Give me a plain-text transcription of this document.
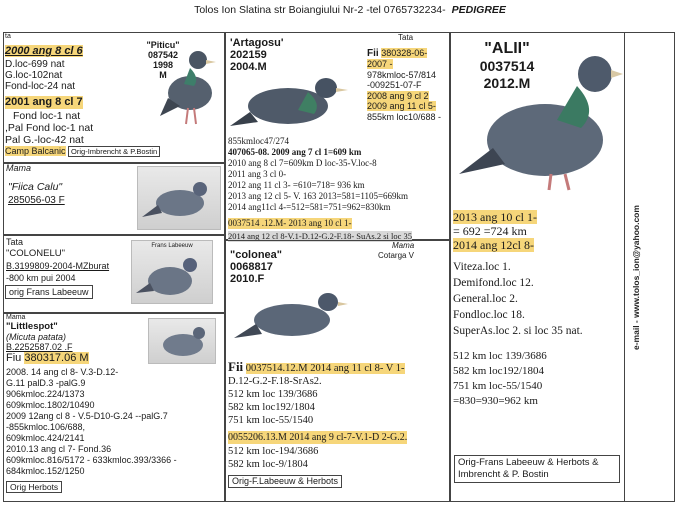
Tolos Ion Slatina str Boiangiului Nr-2 -tel 0765732234- PEDIGREE
ta
2000 ang 8 cl 6
D.loc-699 nat
G.loc-102nat
Fond-loc-24 nat
2001 ang 8 cl 7
Fond loc-1 nat
,Pal Fond loc-1 nat
Pal G.-loc-42 nat
Camp Balcanic Orig-Imbrencht & P.Bostin
"Piticu"
087542
1998
M
Mama
"Fiica Calu"
285056-03 F
Tata
"COLONELU"
B.3199809-2004-MZburat
-800 km pui 2004
orig Frans Labeeuw
Frans Labeeuw
Mama
"Littlespot"
(Micuta patata)
B.2252587.02 .F
Fiu 380317.06 M
2008. 14 ang cl 8- V.3-D.12-
G.11 palD.3 -palG.9
906kmloc.224/1373
609kmloc.1802/10490
2009 12ang cl 8 - V.5-D10-G.24 --palG.7
-855kmloc.106/688,
609kmloc.424/2141
2010.13 ang cl 7- Fond.36
609kmloc.816/5172 - 633kmloc.393/3366 -
684kmloc.152/1250
Orig Herbots
Tata
'Artagosu'
202159
2004.M
Fii 380328-06-
2007 -
978kmloc-57/814
-009251-07-F
2008 ang 9 cl 2
2009 ang 11 cl 5-
855km loc10/688 -
855kmloc47/274
407065-08. 2009 ang 7 cl 1=609 km
2010 ang 8 cl 7=609km D loc-35-V.loc-8
2011 ang 3 cl 0-
2012 ang 11 cl 3- =610=718= 936 km
2013 ang 12 cl 5- V. 163 2013=581=1105=669km
2014 ang11cl 4-=512=581=751=962=830km
0037514 .12.M- 2013 ang 10 cl 1-
2014 ang 12 cl 8-V.1-D.12-G.2-F.18- SuAs.2 si loc 35
Mama
Cotarga V
"colonea"
0068817
2010.F
Fii 0037514.12.M 2014 ang 11 cl 8- V 1-
D.12-G.2-F.18-SrAs2.
512 km loc 139/3686
582 km loc192/1804
751 km loc-55/1540
0055206.13.M 2014 ang 9 cl-7-V.1-D 2-G.2.
512 km loc-194/3686
582 km loc-9/1804
Orig-F.Labeeuw & Herbots
"ALII"
0037514
2012.M
2013 ang 10 cl 1-
= 692 =724 km
2014 ang 12cl 8-
Viteza.loc 1.
Demifond.loc 12.
General.loc 2.
Fondloc.loc 18.
SuperAs.loc 2. si loc 35 nat.
512 km loc 139/3686
582 km loc192/1804
751 km loc-55/1540
=830=930=962 km
Orig-Frans Labeeuw & Herbots & Imbrencht & P. Bostin
e-mail - www.tolos_ion@yahoo.com
